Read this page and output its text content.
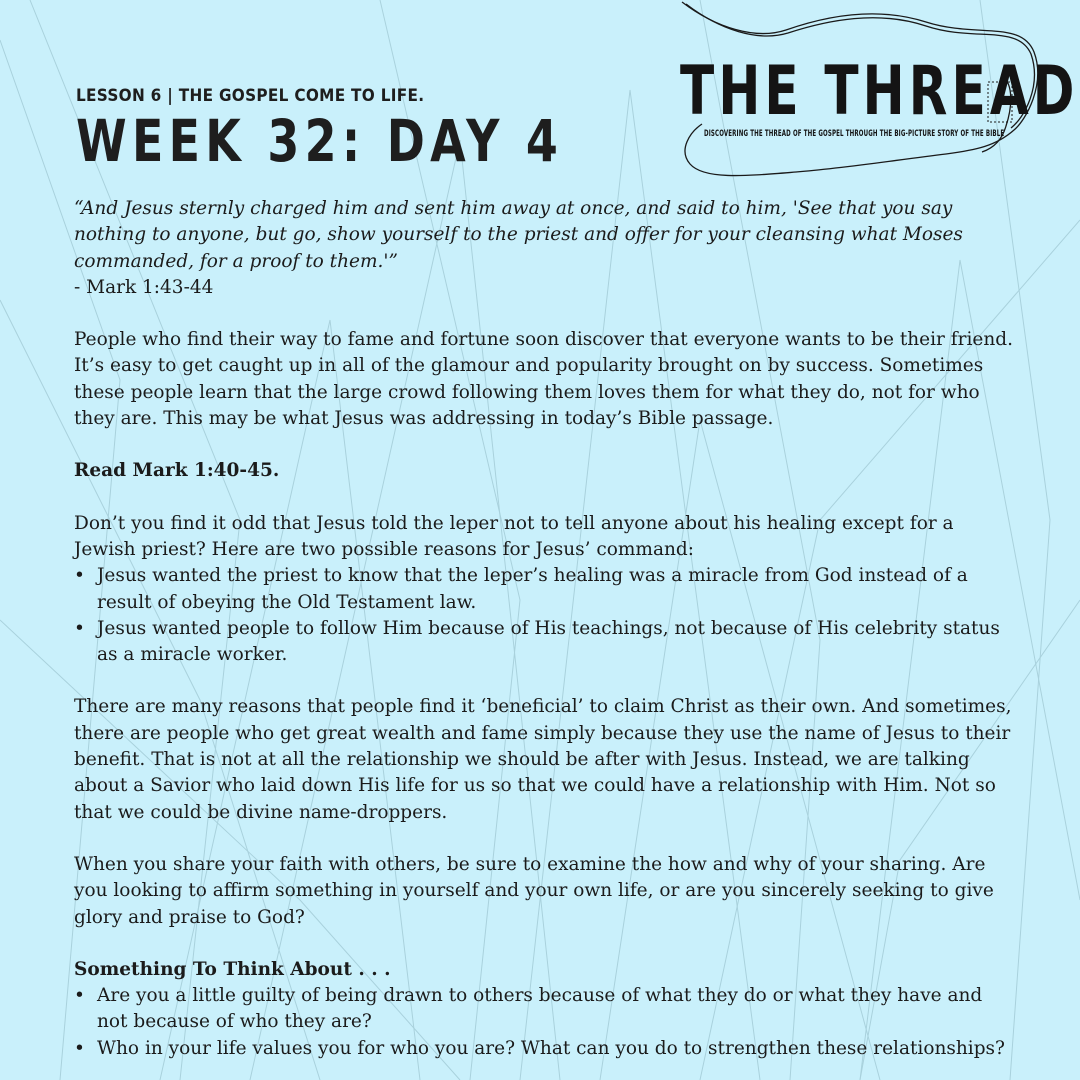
LESSON 6 | THE GOSPEL COME TO LIFE.
WEEK 32: DAY 4
THE THREAD
DISCOVERING THE THREAD OF THE GOSPEL THROUGH THE BIG-PICTURE STORY OF THE BIBLE

“And Jesus sternly charged him and sent him away at once, and said to him, 'See that you say nothing to anyone, but go, show yourself to the priest and offer for your cleansing what Moses commanded, for a proof to them.'”

- Mark 1:43-44

People who find their way to fame and fortune soon discover that everyone wants to be their friend. It’s easy to get caught up in all of the glamour and popularity brought on by success. Sometimes these people learn that the large crowd following them loves them for what they do, not for who they are. This may be what Jesus was addressing in today’s Bible passage.

Read Mark 1:40-45.

Don’t you find it odd that Jesus told the leper not to tell anyone about his healing except for a Jewish priest? Here are two possible reasons for Jesus’ command:

• Jesus wanted the priest to know that the leper’s healing was a miracle from God instead of a result of obeying the Old Testament law.
• Jesus wanted people to follow Him because of His teachings, not because of His celebrity status as a miracle worker.

There are many reasons that people find it ‘beneficial’ to claim Christ as their own. And sometimes, there are people who get great wealth and fame simply because they use the name of Jesus to their benefit. That is not at all the relationship we should be after with Jesus. Instead, we are talking about a Savior who laid down His life for us so that we could have a relationship with Him. Not so that we could be divine name-droppers.

When you share your faith with others, be sure to examine the how and why of your sharing. Are you looking to affirm something in yourself and your own life, or are you sincerely seeking to give glory and praise to God?

Something To Think About . . .

• Are you a little guilty of being drawn to others because of what they do or what they have and not because of who they are?
• Who in your life values you for who you are? What can you do to strengthen these relationships?
